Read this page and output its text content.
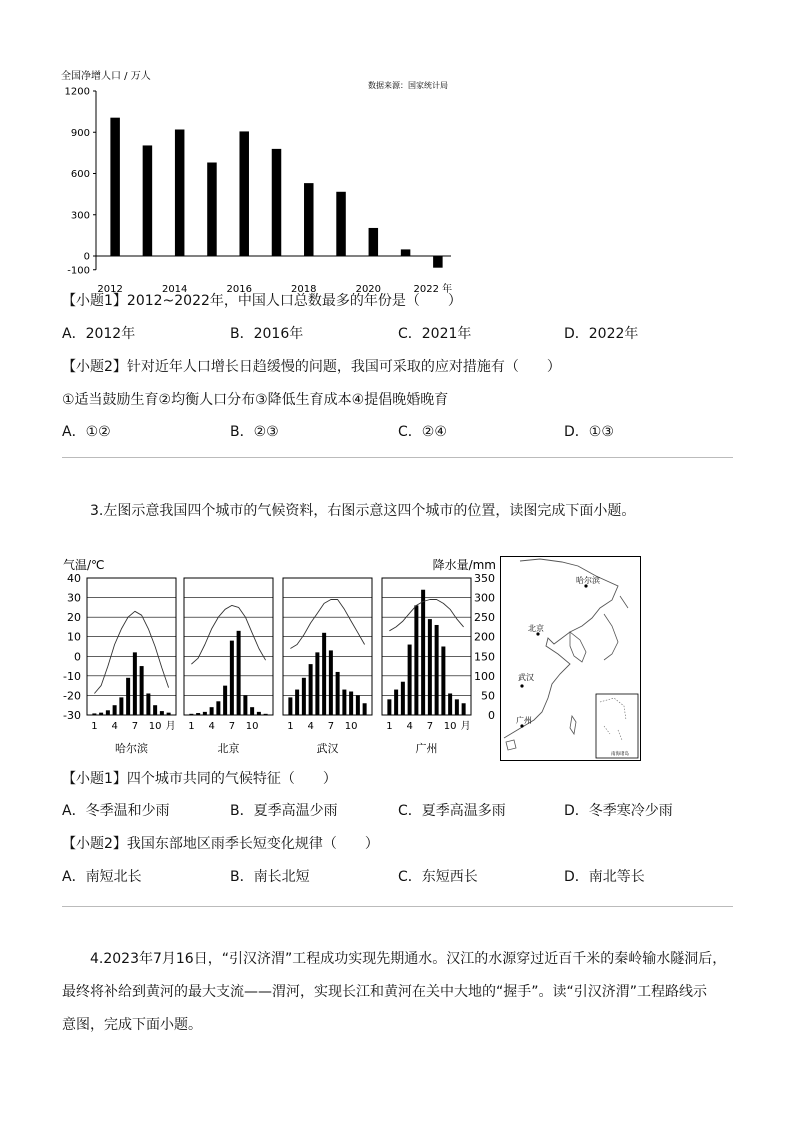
全国净增人口 / 万人
数据来源：国家统计局
1200
900
600
300
0
-100
2012	2014	2016	2018	2020	2022 年
【小题1】2012~2022年，中国人口总数最多的年份是（　　）
A．2012年	B．2016年	C．2021年	D．2022年
【小题2】针对近年人口增长日趋缓慢的问题，我国可采取的应对措施有（　　）
①适当鼓励生育②均衡人口分布③降低生育成本④提倡晚婚晚育
A．①②	B．②③	C．②④	D．①③
3.左图示意我国四个城市的气候资料，右图示意这四个城市的位置，读图完成下面小题。
气温/℃	降水量/mm
40
30
20
10
0
-10
-20
-30
350
300
250
200
150
100
50
0
1 4 7 10 月
哈尔滨
1 4 7 10
北京
1 4 7 10
武汉
1 4 7 10 月
广州
哈尔滨
北京
武汉
广州
南海诸岛
【小题1】四个城市共同的气候特征（　　）
A．冬季温和少雨	B．夏季高温少雨	C．夏季高温多雨	D．冬季寒冷少雨
【小题2】我国东部地区雨季长短变化规律（　　）
A．南短北长	B．南长北短	C．东短西长	D．南北等长
4.2023年7月16日，“引汉济渭”工程成功实现先期通水。汉江的水源穿过近百千米的秦岭输水隧洞后，
最终将补给到黄河的最大支流——渭河，实现长江和黄河在关中大地的“握手”。读“引汉济渭”工程路线示
意图，完成下面小题。
